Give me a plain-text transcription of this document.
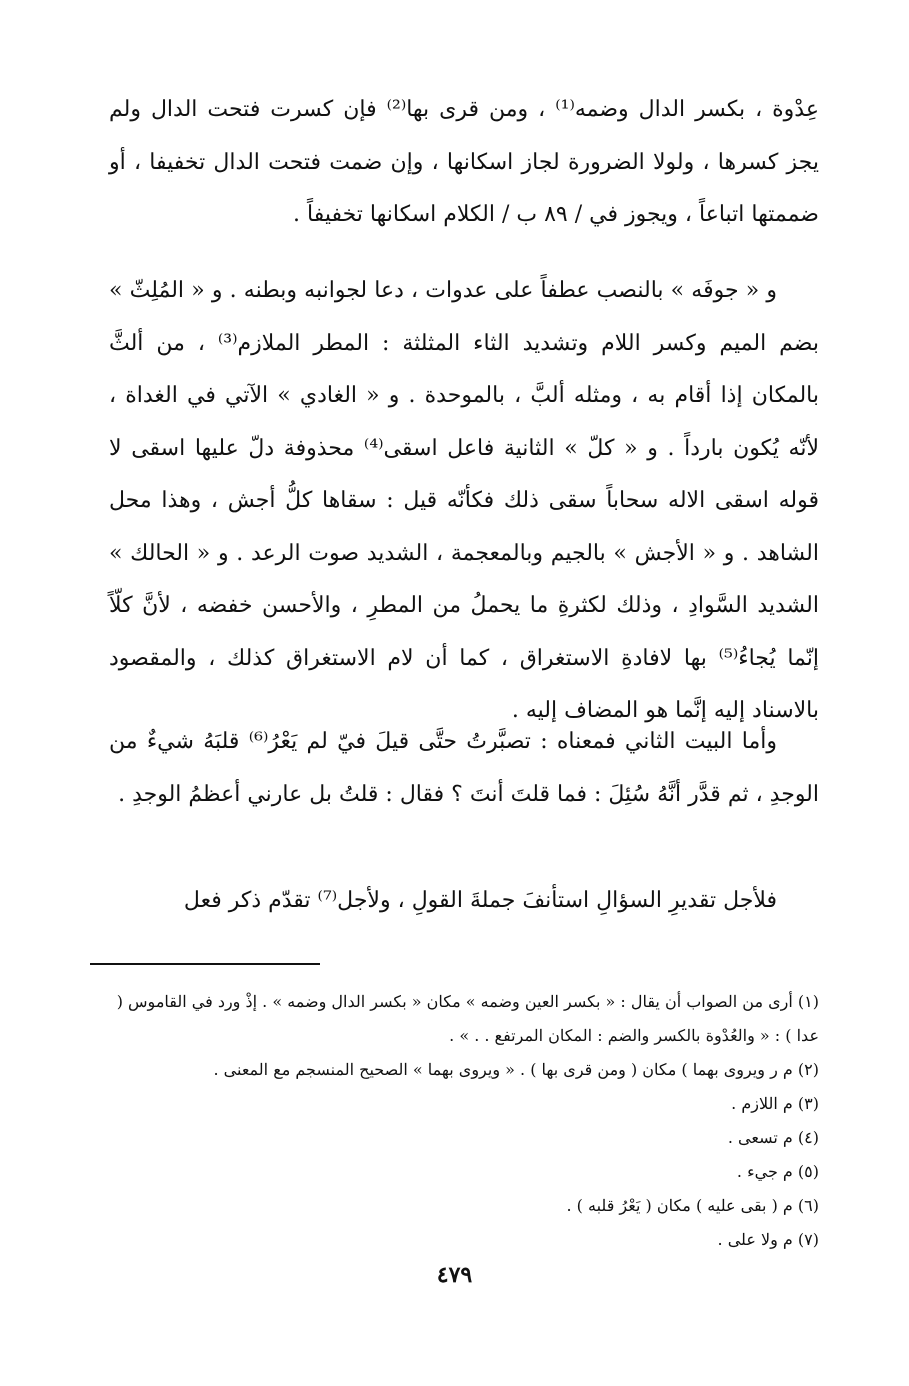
عِدْوة ، بكسر الدال وضمه⁽¹⁾ ، ومن قرى بها⁽²⁾ فإن كسرت فتحت الدال ولم يجز كسرها ، ولولا الضرورة لجاز اسكانها ، وإن ضمت فتحت الدال تخفيفا ، أو ضممتها اتباعاً ، ويجوز في / ٨٩ ب / الكلام اسكانها تخفيفاً .

و « جوفَه » بالنصب عطفاً على عدوات ، دعا لجوانبه وبطنه . و « المُلِثّ » بضم الميم وكسر اللام وتشديد الثاء المثلثة : المطر الملازم⁽³⁾ ، من ألثَّ بالمكان إذا أقام به ، ومثله ألبَّ ، بالموحدة . و « الغادي » الآتي في الغداة ، لأنّه يُكون بارداً . و « كلّ » الثانية فاعل اسقى⁽⁴⁾ محذوفة دلّ عليها اسقى لا قوله اسقى الاله سحاباً سقى ذلك فكأنّه قيل : سقاها كلُّ أجش ، وهذا محل الشاهد . و « الأجش » بالجيم وبالمعجمة ، الشديد صوت الرعد . و « الحالك » الشديد السَّوادِ ، وذلك لكثرةِ ما يحملُ من المطرِ ، والأحسن خفضه ، لأنَّ كلّاً إنّما يُجاءُ⁽⁵⁾ بها لافادةِ الاستغراق ، كما أن لام الاستغراق كذلك ، والمقصود بالاسناد إليه إنَّما هو المضاف إليه .

وأما البيت الثاني فمعناه : تصبَّرتُ حتَّى قيلَ فيّ لم يَعْرُ⁽⁶⁾ قلبَهُ شيءٌ من الوجدِ ، ثم قدَّر أنَّهُ سُئِلَ : فما قلتَ أنتَ ؟ فقال : قلتُ بل عارني أعظمُ الوجدِ .

فلأجل تقديرِ السؤالِ استأنفَ جملةَ القولِ ، ولأجل⁽⁷⁾ تقدّم ذكر فعل

(١) أرى من الصواب أن يقال : « بكسر العين وضمه » مكان « بكسر الدال وضمه » . إذْ ورد في القاموس ( عدا ) : « والعُدْوة بالكسر والضم : المكان المرتفع . . » .
(٢) م ر ويروى بهما ) مكان ( ومن قرى بها ) . « ويروى بهما » الصحيح المنسجم مع المعنى .
(٣) م اللازم .
(٤) م تسعى .
(٥) م جيء .
(٦) م ( بقى عليه ) مكان ( يَعْرُ قلبه ) .
(٧) م ولا على .
٤٧٩
